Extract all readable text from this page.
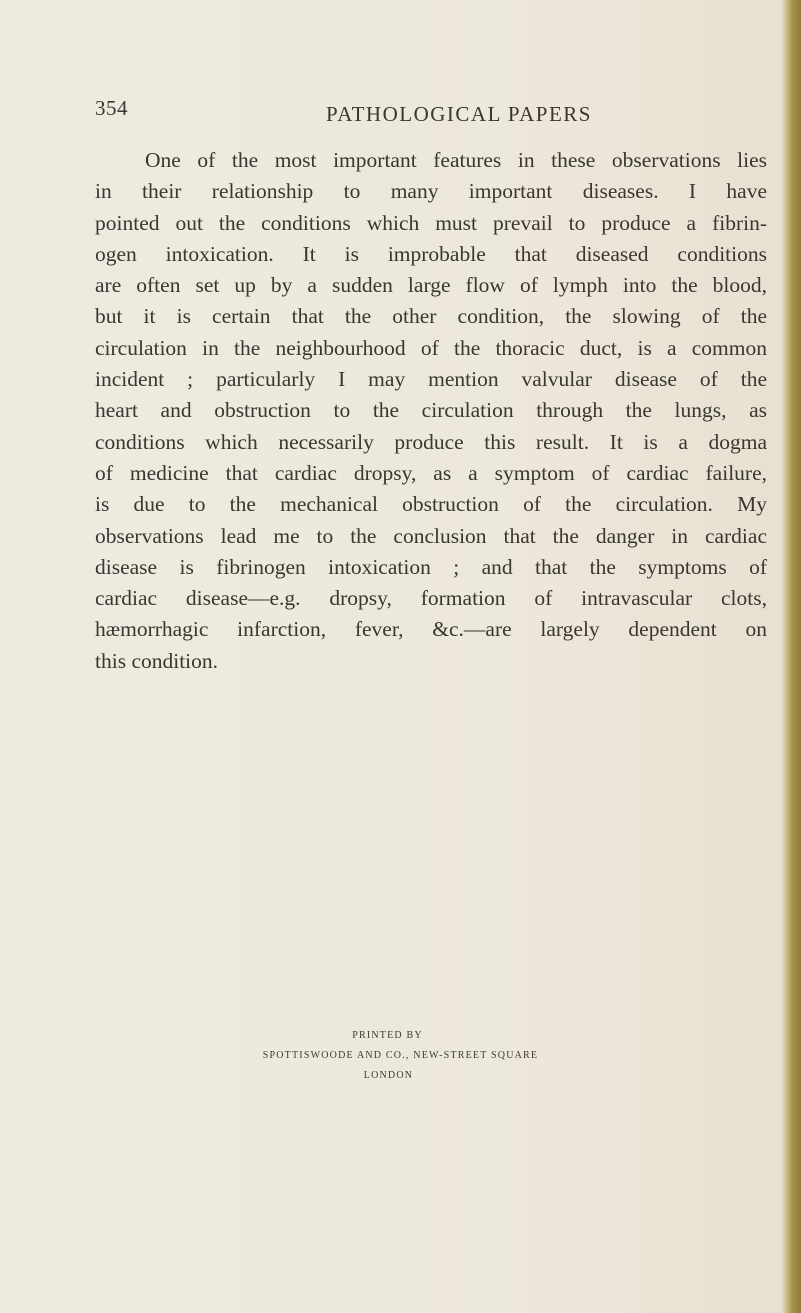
354	PATHOLOGICAL PAPERS
One of the most important features in these observations lies
in their relationship to many important diseases. I have
pointed out the conditions which must prevail to produce a fibrin-
ogen intoxication. It is improbable that diseased conditions
are often set up by a sudden large flow of lymph into the blood,
but it is certain that the other condition, the slowing of the
circulation in the neighbourhood of the thoracic duct, is a common
incident ; particularly I may mention valvular disease of the
heart and obstruction to the circulation through the lungs, as
conditions which necessarily produce this result. It is a dogma
of medicine that cardiac dropsy, as a symptom of cardiac failure,
is due to the mechanical obstruction of the circulation. My
observations lead me to the conclusion that the danger in cardiac
disease is fibrinogen intoxication ; and that the symptoms of
cardiac disease—e.g. dropsy, formation of intravascular clots,
hæmorrhagic infarction, fever, &c.—are largely dependent on
this condition.
PRINTED BY
SPOTTISWOODE AND CO., NEW-STREET SQUARE
LONDON
